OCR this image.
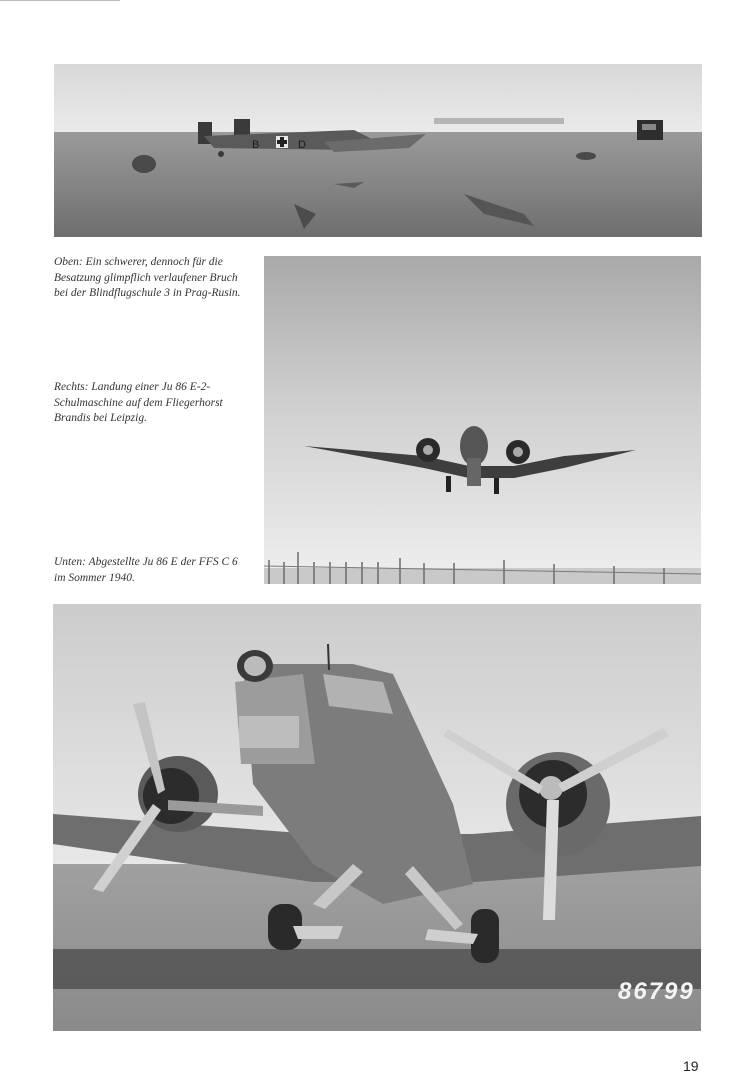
B	D
Oben: Ein schwerer, dennoch für die Besatzung glimpflich verlaufener Bruch bei der Blindflugschule 3 in Prag-Rusin.
Rechts: Landung einer Ju 86 E-2-Schulmaschine auf dem Fliegerhorst Brandis bei Leipzig.
Unten: Abgestellte Ju 86 E der FFS C 6 im Sommer 1940.
86799
19
